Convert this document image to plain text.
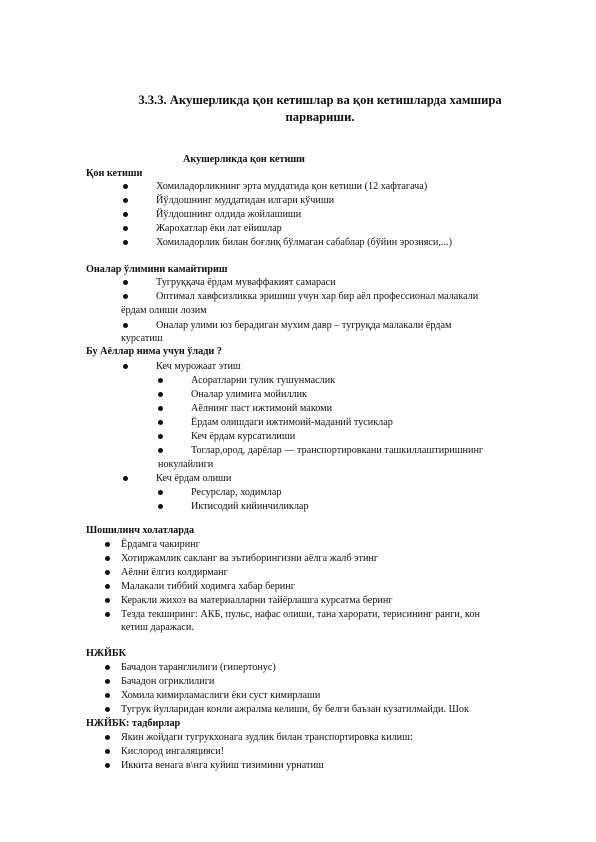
3.3.3. Акушерликда қон кетишлар ва қон кетишларда хамшира
парвариши.
Акушерликда қон кетиши
Қон кетиши
Хомиладорликнинг эрта муддатида қон кетиши (12 хафтагача)
Йўлдошнинг муддатидан илгари кўчиши
Йўлдошнинг олдида жойлашиши
Жарохатлар ёки лат ейишлар
Хомиладорлик билан боғлиқ бўлмаган сабаблар (бўйин эрозияси,...)
Оналар ўлимини камайтириш
Тугруққача ёрдам муваффакият самараси
Оптимал хавфсизликка эришиш учун хар бир аёл профессионал малакали
ёрдам олиши лозим
Оналар улими юз берадиган мухим давр – тугруқда малакали ёрдам
курсатиш
Бу Аёллар нима учун ўлади ?
Кеч мурожаат этиш
Асоратларни тулик тушунмаслик
Оналар улимига мойиллик
Аёлнинг паст ижтимоий макоми
Ёрдам олишдаги ижтимоий-маданий тусиклар
Кеч ёрдам курсатилиши
Тоглар,ород, дарёлар — транспортировкани ташкиллаштиришнинг
нокулайлиги
Кеч ёрдам олиши
Ресурслар, ходимлар
Иктисодий кийинчиликлар
Шошилинч холатларда
Ёрдамга чакиринг
Хотиржамлик сакланг ва эътиборингизни аёлга жалб этинг
Аёлни ёлгиз колдирманг
Малакали тиббий ходимга хабар беринг
Керакли жихоз ва материалларни тайёрлашга курсатма беринг
Тезда текширинг: АКБ, пульс, нафас олиши, тана харорати, терисининг ранги, кон
кетиш даражаси.
НЖЙБК
Бачадон таранглилиги (гипертонус)
Бачадон огриклилиги
Хомила кимирламаслиги ёки суст кимирлаши
Тугрук йулларидан конли ажралма келиши, бу белги баъзан кузатилмайди. Шок
НЖЙБК: тадбирлар
Якин жойдаги тугрукхонага зудлик билан транспортировка килиш:
Кислород ингаляцияси!
Иккита венага в\нга куйиш тизимини урнатиш
